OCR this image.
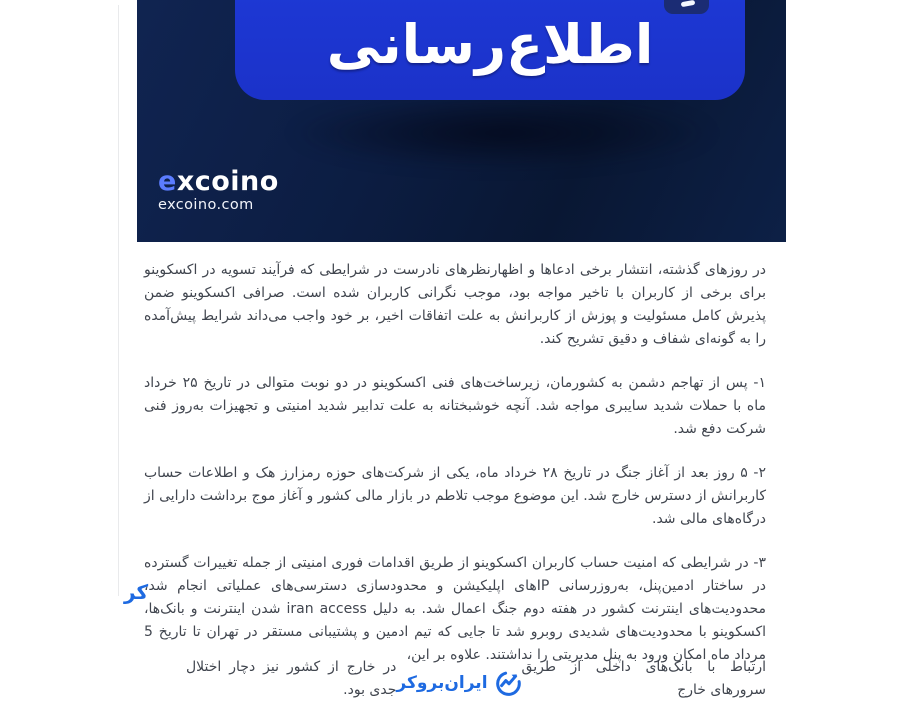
اطلاع‌رسانی
excoino
excoino.com

در روزهای گذشته، انتشار برخی ادعاها و اظهارنظرهای نادرست در شرایطی که فرآیند تسویه در اکسکوینو برای برخی از کاربران با تاخیر مواجه بود، موجب نگرانی کاربران شده است. صرافی اکسکوینو ضمن پذیرش کامل مسئولیت و پوزش از کاربرانش به علت اتفاقات اخیر، بر خود واجب می‌داند شرایط پیش‌آمده را به گونه‌ای شفاف و دقیق تشریح کند.

۱- پس از تهاجم دشمن به کشورمان، زیرساخت‌های فنی اکسکوینو در دو نوبت متوالی در تاریخ ۲۵ خرداد ماه با حملات شدید سایبری مواجه شد. آنچه خوشبختانه به علت تدابیر شدید امنیتی و تجهیزات به‌روز فنی شرکت دفع شد.

۲- ۵ روز بعد از آغاز جنگ در تاریخ ۲۸ خرداد ماه، یکی از شرکت‌های حوزه رمزارز هک و اطلاعات حساب کاربرانش از دسترس خارج شد. این موضوع موجب تلاطم در بازار مالی کشور و آغاز موج برداشت دارایی از درگاه‌های مالی شد.

۳- در شرایطی که امنیت حساب کاربران اکسکوینو از طریق اقدامات فوری امنیتی از جمله تغییرات گسترده در ساختار ادمین‌پنل، به‌روزرسانی IPهای اپلیکیشن و محدودسازی دسترسی‌های عملیاتی انجام شد، محدودیت‌های اینترنت کشور در هفته دوم جنگ اعمال شد. به دلیل iran access شدن اینترنت و بانک‌ها، اکسکوینو با محدودیت‌های شدیدی روبرو شد تا جایی که تیم ادمین و پشتیبانی مستقر در تهران تا تاریخ 5 مرداد ماه امکان ورود به پنل مدیریتی را نداشتند. علاوه بر این،

ارتباط با بانک‌های داخلی از طریق سرورهای خارج
ایران‌بروکر
در خارج از کشور نیز دچار اختلال جدی بود.
کر
